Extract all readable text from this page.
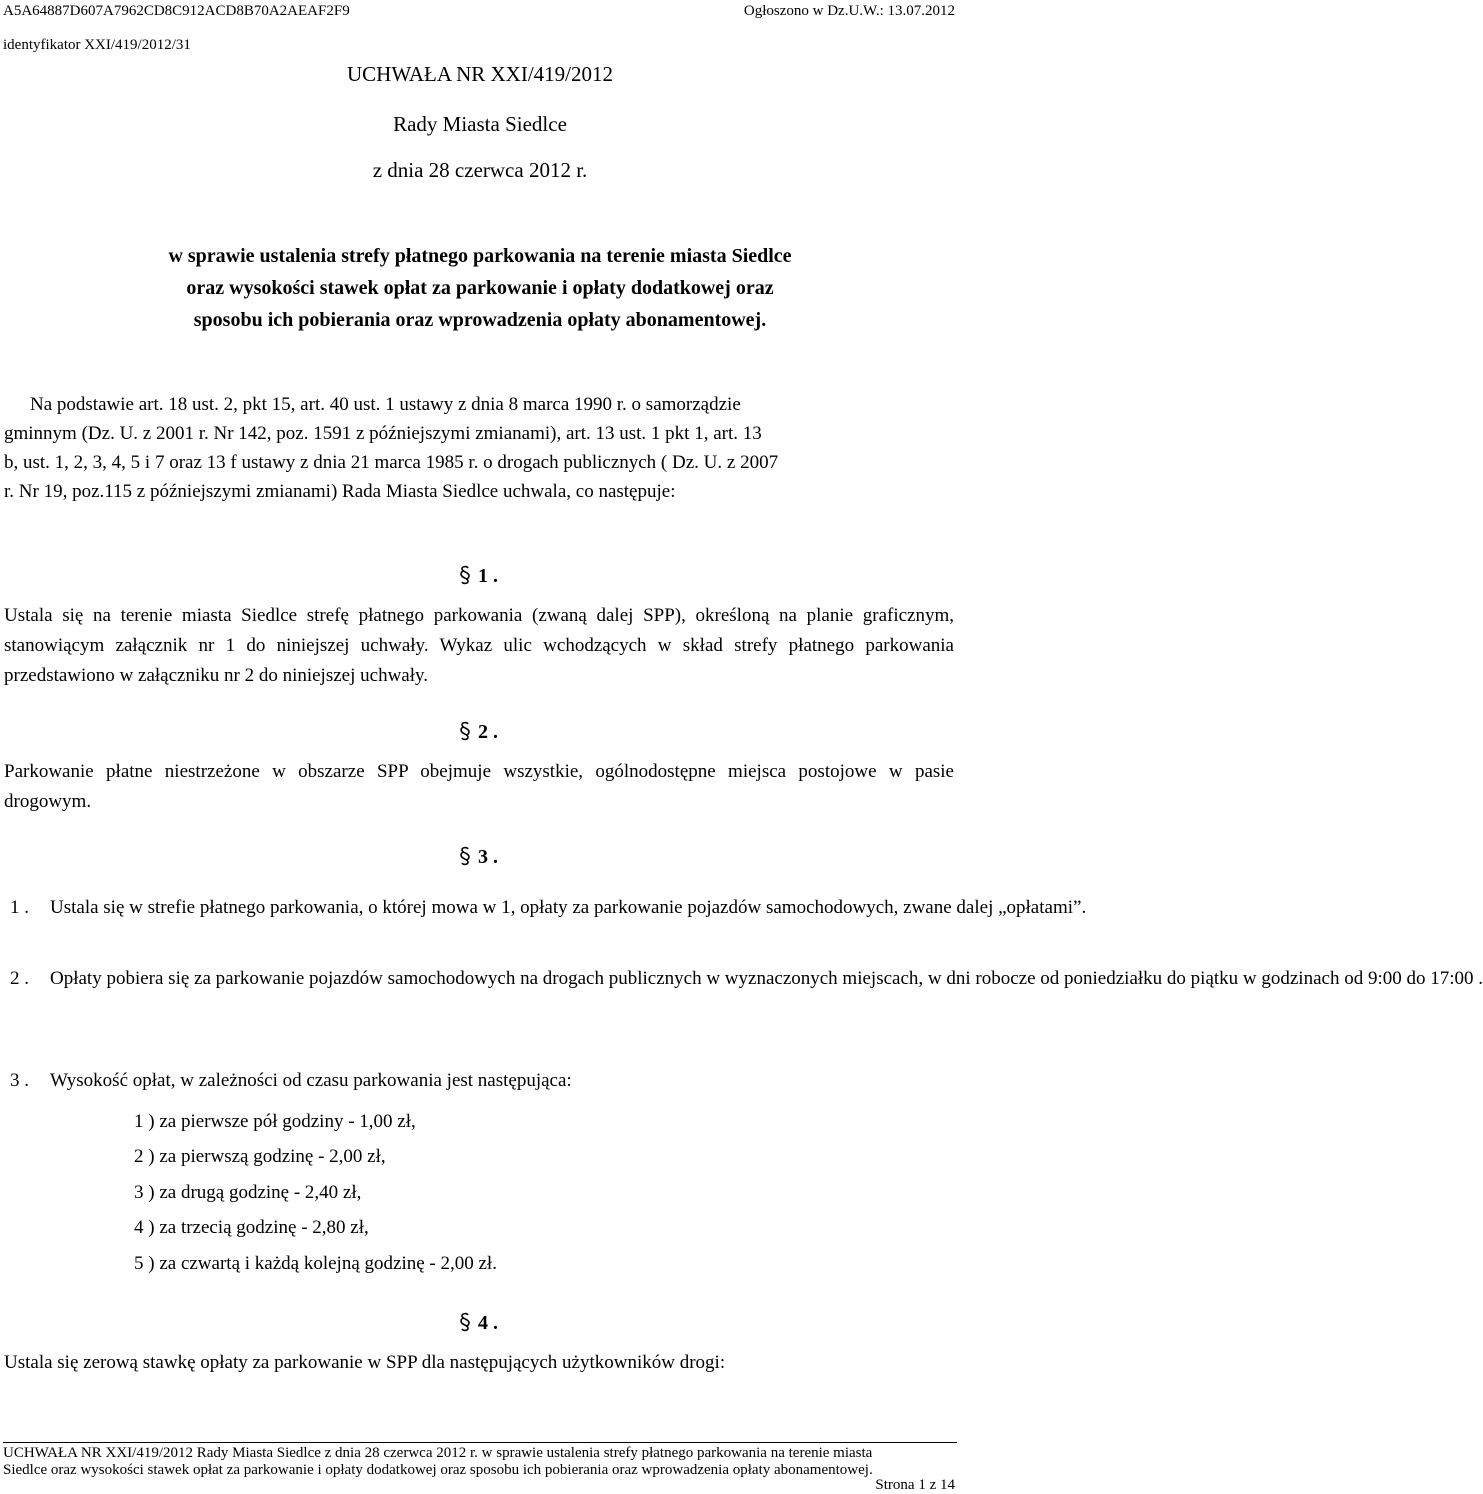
A5A64887D607A7962CD8C912ACD8B70A2AEAF2F9	Ogłoszono w Dz.U.W.: 13.07.2012
identyfikator XXI/419/2012/31
UCHWAŁA NR XXI/419/2012
Rady Miasta Siedlce
z dnia 28 czerwca 2012 r.
w sprawie ustalenia strefy płatnego parkowania na terenie miasta Siedlce
oraz wysokości stawek opłat za parkowanie i opłaty dodatkowej oraz
sposobu ich pobierania oraz wprowadzenia opłaty abonamentowej.
Na podstawie art. 18 ust. 2, pkt 15, art. 40 ust. 1 ustawy z dnia 8 marca 1990 r. o samorządzie
gminnym (Dz. U. z 2001 r. Nr 142, poz. 1591 z późniejszymi zmianami), art. 13 ust. 1 pkt 1, art. 13
b, ust. 1, 2, 3, 4, 5 i 7 oraz 13 f ustawy z dnia 21 marca 1985 r. o drogach publicznych ( Dz. U. z 2007
r. Nr 19, poz.115 z późniejszymi zmianami) Rada Miasta Siedlce uchwala, co następuje:
1 .
Ustala się na terenie miasta Siedlce strefę płatnego parkowania (zwaną dalej SPP), określoną na planie graficznym, stanowiącym załącznik nr 1 do niniejszej uchwały. Wykaz ulic wchodzących w skład strefy płatnego parkowania przedstawiono w załączniku nr 2 do niniejszej uchwały.
2 .
Parkowanie płatne niestrzeżone w obszarze SPP obejmuje wszystkie, ogólnodostępne miejsca postojowe w pasie drogowym.
3 .
1 . Ustala się w strefie płatnego parkowania, o której mowa w 1, opłaty za parkowanie pojazdów samochodowych, zwane dalej „opłatami”.
2 . Opłaty pobiera się za parkowanie pojazdów samochodowych na drogach publicznych w wyznaczonych miejscach, w dni robocze od poniedziałku do piątku w godzinach od 9:00 do 17:00 .
3 . Wysokość opłat, w zależności od czasu parkowania jest następująca:
1 ) za pierwsze pół godziny - 1,00 zł,
2 ) za pierwszą godzinę - 2,00 zł,
3 ) za drugą godzinę - 2,40 zł,
4 ) za trzecią godzinę - 2,80 zł,
5 ) za czwartą i każdą kolejną godzinę - 2,00 zł.
4 .
Ustala się zerową stawkę opłaty za parkowanie w SPP dla następujących użytkowników drogi:
UCHWAŁA NR XXI/419/2012 Rady Miasta Siedlce z dnia 28 czerwca 2012 r. w sprawie ustalenia strefy płatnego parkowania na terenie miasta
Siedlce oraz wysokości stawek opłat za parkowanie i opłaty dodatkowej oraz sposobu ich pobierania oraz wprowadzenia opłaty abonamentowej.
Strona 1 z 14
